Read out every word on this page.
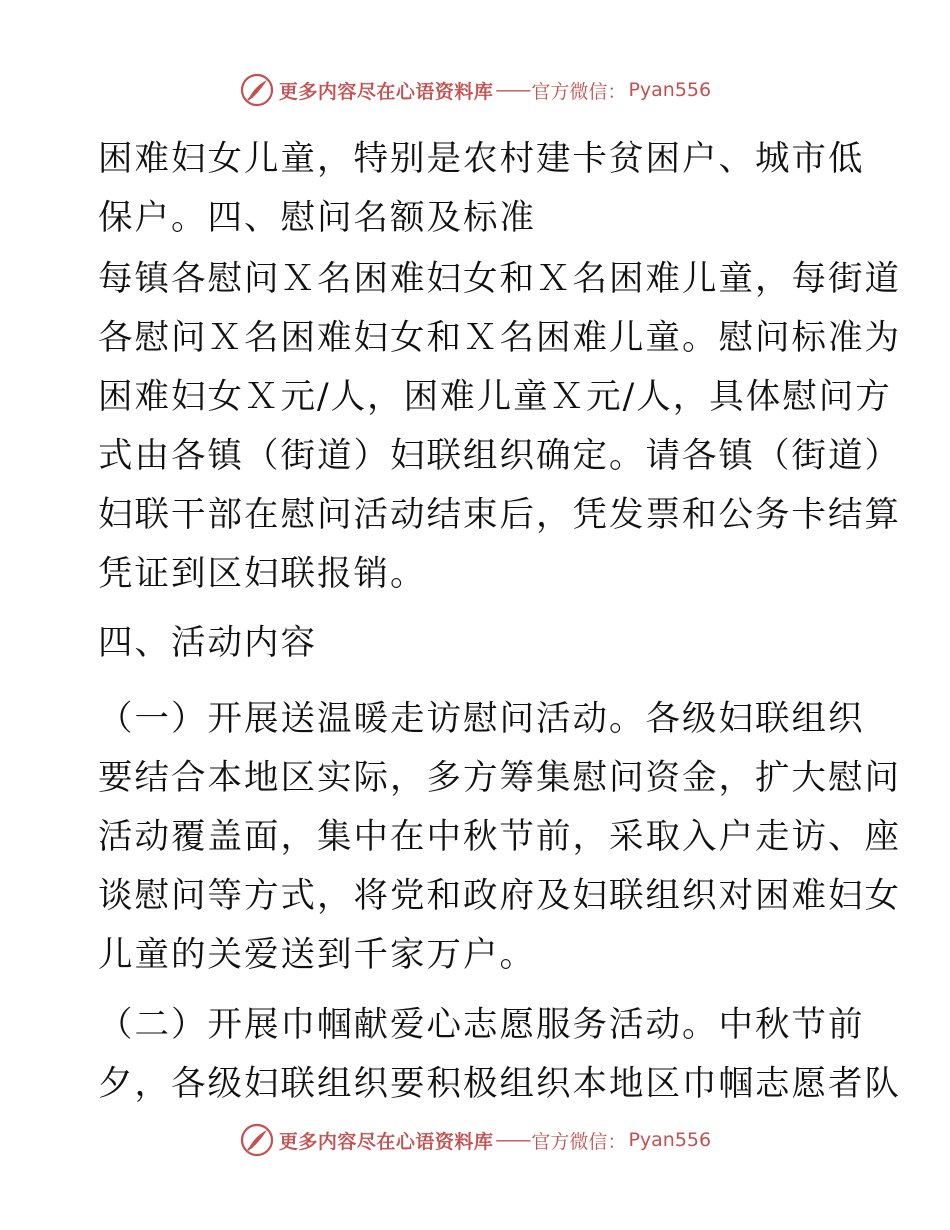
更多内容尽在心语资料库 —— 官方微信： Pyan556
困难妇女儿童，特别是农村建卡贫困户、城市低
保户。四、慰问名额及标准
每镇各慰问Ｘ名困难妇女和Ｘ名困难儿童，每街道
各慰问Ｘ名困难妇女和Ｘ名困难儿童。慰问标准为
困难妇女Ｘ元/人，困难儿童Ｘ元/人，具体慰问方
式由各镇（街道）妇联组织确定。请各镇（街道）
妇联干部在慰问活动结束后，凭发票和公务卡结算
凭证到区妇联报销。
四、活动内容
（一）开展送温暖走访慰问活动。各级妇联组织
要结合本地区实际，多方筹集慰问资金，扩大慰问
活动覆盖面，集中在中秋节前，采取入户走访、座
谈慰问等方式，将党和政府及妇联组织对困难妇女
儿童的关爱送到千家万户。
（二）开展巾帼献爱心志愿服务活动。中秋节前
夕，各级妇联组织要积极组织本地区巾帼志愿者队
更多内容尽在心语资料库 —— 官方微信： Pyan556
